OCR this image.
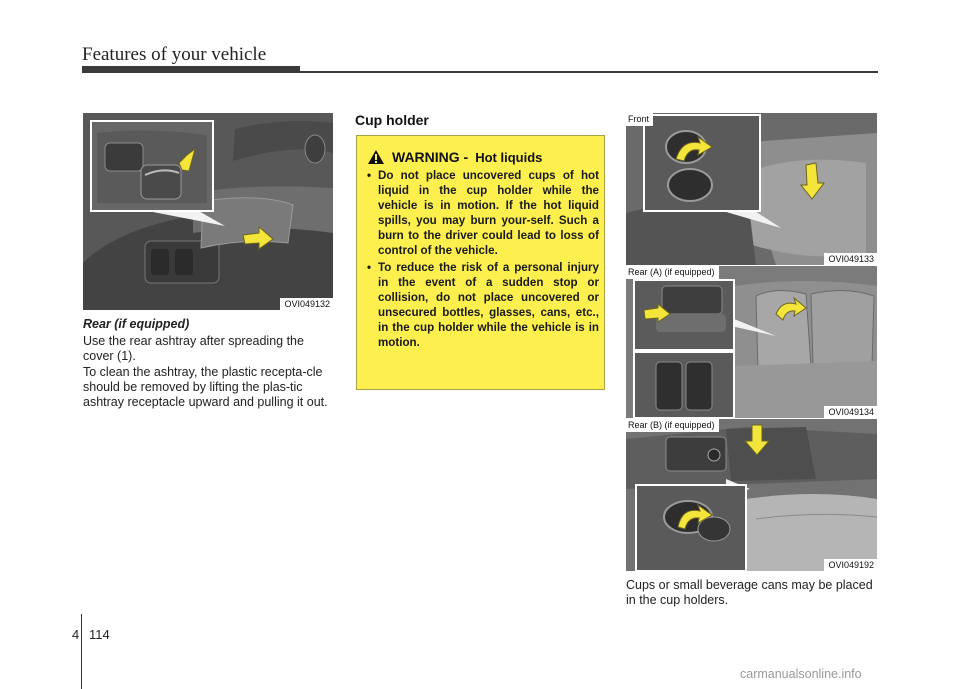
Features of your vehicle
OVI049132

Rear (if equipped)

Use the rear ashtray after spreading the cover (1).

To clean the ashtray, the plastic recepta-cle should be removed by lifting the plas-tic ashtray receptacle upward and pulling it out.

Cup holder
WARNING - Hot liquids
• Do not place uncovered cups of hot liquid in the cup holder while the vehicle is in motion. If the hot liquid spills, you may burn your-self. Such a burn to the driver could lead to loss of control of the vehicle.
• To reduce the risk of a personal injury in the event of a sudden stop or collision, do not place uncovered or unsecured bottles, glasses, cans, etc., in the cup holder while the vehicle is in motion.
Front
OVI049133
Rear (A) (if equipped)
OVI049134
Rear (B) (if equipped)
OVI049192

Cups or small beverage cans may be placed in the cup holders.

4 114

carmanualsonline.info
